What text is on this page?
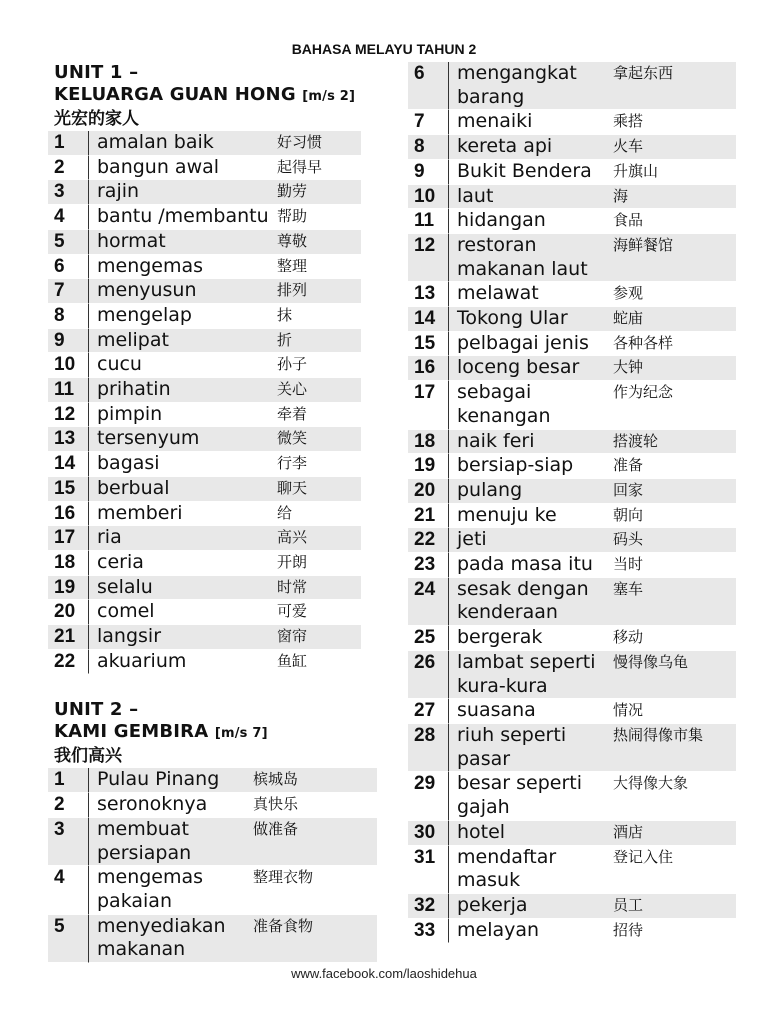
BAHASA MELAYU TAHUN 2
UNIT 1 –
KELUARGA GUAN HONG [m/s 2]
光宏的家人
1	amalan baik	好习惯
2	bangun awal	起得早
3	rajin	勤劳
4	bantu /membantu	帮助
5	hormat	尊敬
6	mengemas	整理
7	menyusun	排列
8	mengelap	抹
9	melipat	折
10	cucu	孙子
11	prihatin	关心
12	pimpin	牵着
13	tersenyum	微笑
14	bagasi	行李
15	berbual	聊天
16	memberi	给
17	ria	高兴
18	ceria	开朗
19	selalu	时常
20	comel	可爱
21	langsir	窗帘
22	akuarium	鱼缸
UNIT 2 –
KAMI GEMBIRA [m/s 7]
我们高兴
1	Pulau Pinang	槟城岛
2	seronoknya	真快乐
3	membuat persiapan	做准备
4	mengemas pakaian	整理衣物
5	menyediakan makanan	准备食物
6	mengangkat barang	拿起东西
7	menaiki	乘搭
8	kereta api	火车
9	Bukit Bendera	升旗山
10	laut	海
11	hidangan	食品
12	restoran makanan laut	海鲜餐馆
13	melawat	参观
14	Tokong Ular	蛇庙
15	pelbagai jenis	各种各样
16	loceng besar	大钟
17	sebagai kenangan	作为纪念
18	naik feri	搭渡轮
19	bersiap-siap	准备
20	pulang	回家
21	menuju ke	朝向
22	jeti	码头
23	pada masa itu	当时
24	sesak dengan kenderaan	塞车
25	bergerak	移动
26	lambat seperti kura-kura	慢得像乌龟
27	suasana	情况
28	riuh seperti pasar	热闹得像市集
29	besar seperti gajah	大得像大象
30	hotel	酒店
31	mendaftar masuk	登记入住
32	pekerja	员工
33	melayan	招待
www.facebook.com/laoshidehua
